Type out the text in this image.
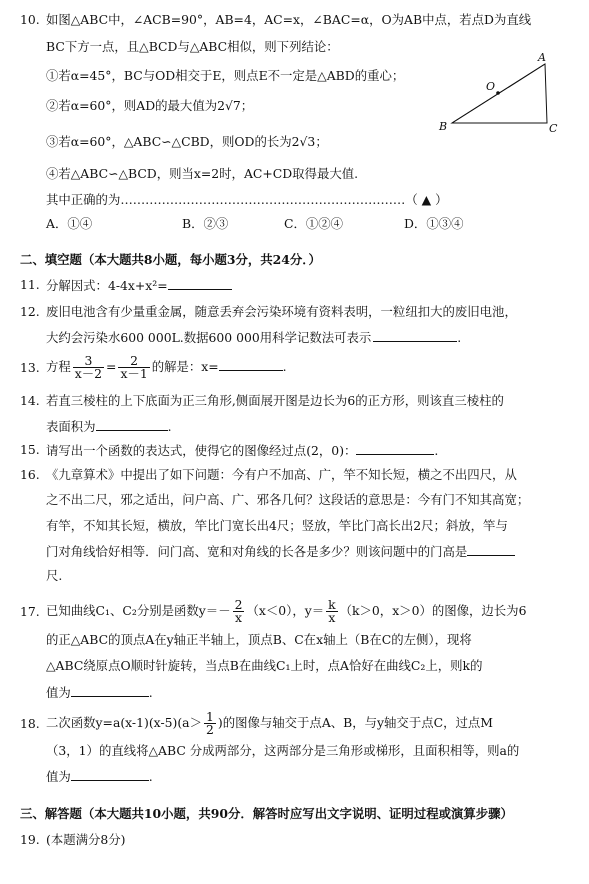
10. 如图△ABC中，∠ACB=90°，AB=4，AC=x，∠BAC=α，O为AB中点，若点D为直线
BC下方一点，且△BCD与△ABC相似，则下列结论：
①若α=45°，BC与OD相交于E，则点E不一定是△ABD的重心；
②若α=60°，则AD的最大值为2√7；
③若α=60°，△ABC∽△CBD，则OD的长为2√3；
④若△ABC∽△BCD，则当x=2时，AC+CD取得最大值.
A
B	C
O
其中正确的为……………………………………………………………（ ▲ ）
A．①④	B．②③	C．①②④	D．①③④
二、填空题（本大题共8小题，每小题3分，共24分．）
11. 分解因式：4-4x+x²=
12. 废旧电池含有少量重金属，随意丢弃会污染环境有资料表明，一粒纽扣大的废旧电池，
大约会污染水600 000L.数据600 000用科学记数法可表示	.
13. 方程 $\frac{3}{x-2} = \frac{2}{x-1}$ 的解是：x=	.
14. 若直三棱柱的上下底面为正三角形,侧面展开图是边长为6的正方形，则该直三棱柱的
表面积为	.
15. 请写出一个函数的表达式，使得它的图像经过点(2，0)：	.
16. 《九章算术》中提出了如下问题：今有户不加高、广，竿不知长短，横之不出四尺，从
之不出二尺，邪之适出，问户高、广、邪各几何？这段话的意思是：今有门不知其高宽；
有竿，不知其长短，横放，竿比门宽长出4尺；竖放，竿比门高长出2尺；斜放，竿与
门对角线恰好相等．问门高、宽和对角线的长各是多少？则该问题中的门高是
尺.
17. 已知曲线C₁、C₂分别是函数$y=- \frac{2}{x} (x<0)$，$y= \frac{k}{x} (k>0$，x＞0）的图像，边长为6
的正△ABC的顶点A在y轴正半轴上，顶点B、C在x轴上（B在C的左侧），现将
△ABC绕原点O顺时针旋转，当点B在曲线C₁上时，点A恰好在曲线C₂上，则k的
值为	.
18. 二次函数$y=a(x-1)(x-5)(a> \frac{1}{2}$ )的图像与轴交于点A、B，与y轴交于点C，过点M
（3，1）的直线将△ABC 分成两部分，这两部分是三角形或梯形，且面积相等，则a的
值为	.
三、解答题（本大题共10小题，共90分．解答时应写出文字说明、证明过程或演算步骤）
19. (本题满分8分)
